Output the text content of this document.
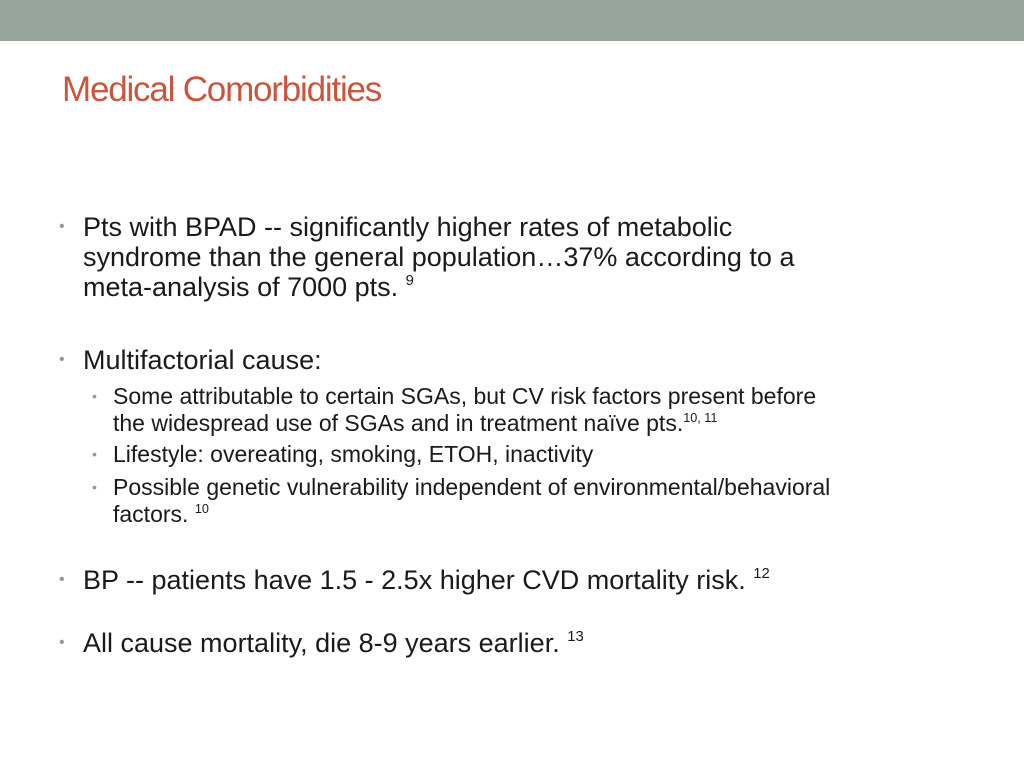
Medical Comorbidities
• Pts with BPAD -- significantly higher rates of metabolic
syndrome than the general population…37% according to a
meta-analysis of 7000 pts. $^9$
• Multifactorial cause:
• Some attributable to certain SGAs, but CV risk factors present before
the widespread use of SGAs and in treatment naïve pts.$^{10, 11}$
• Lifestyle: overeating, smoking, ETOH, inactivity
• Possible genetic vulnerability independent of environmental/behavioral
factors. $^{10}$
• BP -- patients have 1.5 - 2.5x higher CVD mortality risk. $^{12}$
• All cause mortality, die 8-9 years earlier. $^{13}$
